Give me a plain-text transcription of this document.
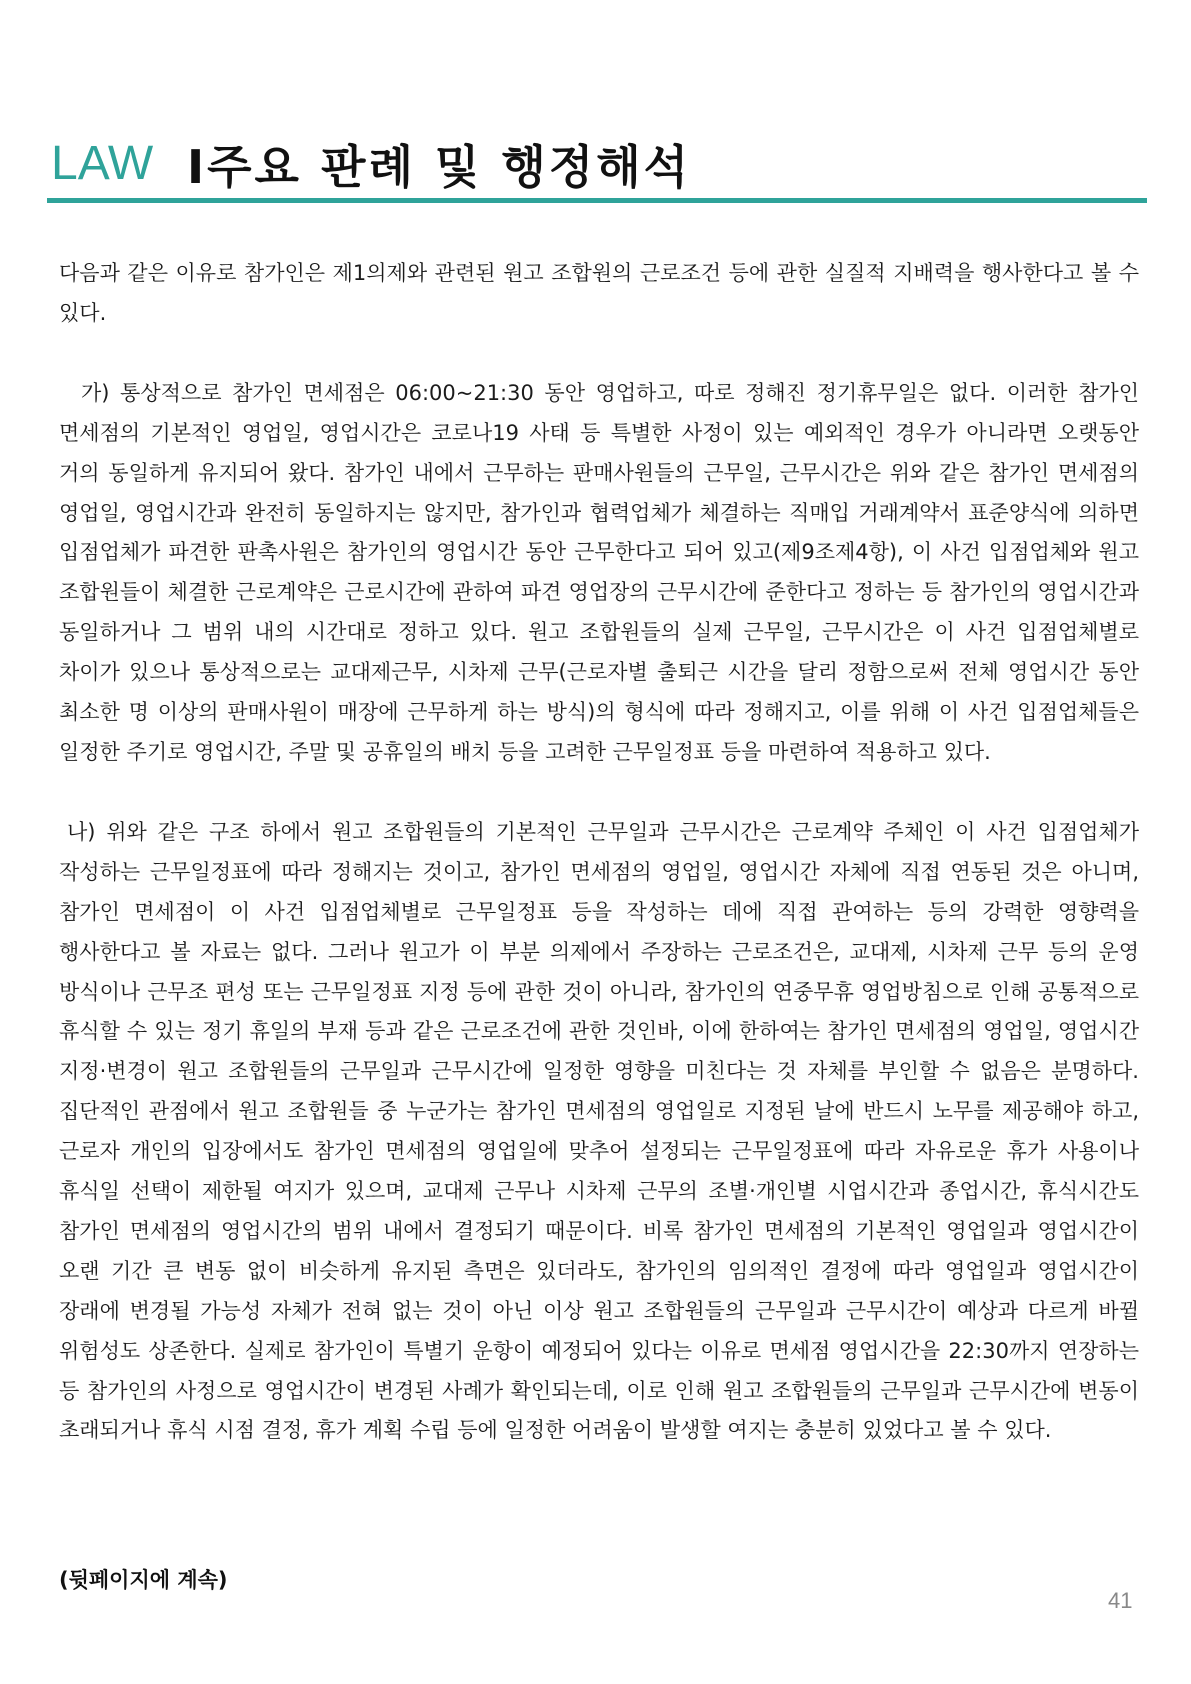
LAW Ⅰ주요 판례 및 행정해석

다음과 같은 이유로 참가인은 제1의제와 관련된 원고 조합원의 근로조건 등에 관한 실질적 지배력을 행사한다고 볼 수 있다.

가) 통상적으로 참가인 면세점은 06:00~21:30 동안 영업하고, 따로 정해진 정기휴무일은 없다. 이러한 참가인 면세점의 기본적인 영업일, 영업시간은 코로나19 사태 등 특별한 사정이 있는 예외적인 경우가 아니라면 오랫동안 거의 동일하게 유지되어 왔다. 참가인 내에서 근무하는 판매사원들의 근무일, 근무시간은 위와 같은 참가인 면세점의 영업일, 영업시간과 완전히 동일하지는 않지만, 참가인과 협력업체가 체결하는 직매입 거래계약서 표준양식에 의하면 입점업체가 파견한 판촉사원은 참가인의 영업시간 동안 근무한다고 되어 있고(제9조제4항), 이 사건 입점업체와 원고 조합원들이 체결한 근로계약은 근로시간에 관하여 파견 영업장의 근무시간에 준한다고 정하는 등 참가인의 영업시간과 동일하거나 그 범위 내의 시간대로 정하고 있다. 원고 조합원들의 실제 근무일, 근무시간은 이 사건 입점업체별로 차이가 있으나 통상적으로는 교대제근무, 시차제 근무(근로자별 출퇴근 시간을 달리 정함으로써 전체 영업시간 동안 최소한 명 이상의 판매사원이 매장에 근무하게 하는 방식)의 형식에 따라 정해지고, 이를 위해 이 사건 입점업체들은 일정한 주기로 영업시간, 주말 및 공휴일의 배치 등을 고려한 근무일정표 등을 마련하여 적용하고 있다.

나) 위와 같은 구조 하에서 원고 조합원들의 기본적인 근무일과 근무시간은 근로계약 주체인 이 사건 입점업체가 작성하는 근무일정표에 따라 정해지는 것이고, 참가인 면세점의 영업일, 영업시간 자체에 직접 연동된 것은 아니며, 참가인 면세점이 이 사건 입점업체별로 근무일정표 등을 작성하는 데에 직접 관여하는 등의 강력한 영향력을 행사한다고 볼 자료는 없다. 그러나 원고가 이 부분 의제에서 주장하는 근로조건은, 교대제, 시차제 근무 등의 운영 방식이나 근무조 편성 또는 근무일정표 지정 등에 관한 것이 아니라, 참가인의 연중무휴 영업방침으로 인해 공통적으로 휴식할 수 있는 정기 휴일의 부재 등과 같은 근로조건에 관한 것인바, 이에 한하여는 참가인 면세점의 영업일, 영업시간 지정·변경이 원고 조합원들의 근무일과 근무시간에 일정한 영향을 미친다는 것 자체를 부인할 수 없음은 분명하다. 집단적인 관점에서 원고 조합원들 중 누군가는 참가인 면세점의 영업일로 지정된 날에 반드시 노무를 제공해야 하고, 근로자 개인의 입장에서도 참가인 면세점의 영업일에 맞추어 설정되는 근무일정표에 따라 자유로운 휴가 사용이나 휴식일 선택이 제한될 여지가 있으며, 교대제 근무나 시차제 근무의 조별·개인별 시업시간과 종업시간, 휴식시간도 참가인 면세점의 영업시간의 범위 내에서 결정되기 때문이다. 비록 참가인 면세점의 기본적인 영업일과 영업시간이 오랜 기간 큰 변동 없이 비슷하게 유지된 측면은 있더라도, 참가인의 임의적인 결정에 따라 영업일과 영업시간이 장래에 변경될 가능성 자체가 전혀 없는 것이 아닌 이상 원고 조합원들의 근무일과 근무시간이 예상과 다르게 바뀔 위험성도 상존한다. 실제로 참가인이 특별기 운항이 예정되어 있다는 이유로 면세점 영업시간을 22:30까지 연장하는 등 참가인의 사정으로 영업시간이 변경된 사례가 확인되는데, 이로 인해 원고 조합원들의 근무일과 근무시간에 변동이 초래되거나 휴식 시점 결정, 휴가 계획 수립 등에 일정한 어려움이 발생할 여지는 충분히 있었다고 볼 수 있다.

(뒷페이지에 계속)
41
